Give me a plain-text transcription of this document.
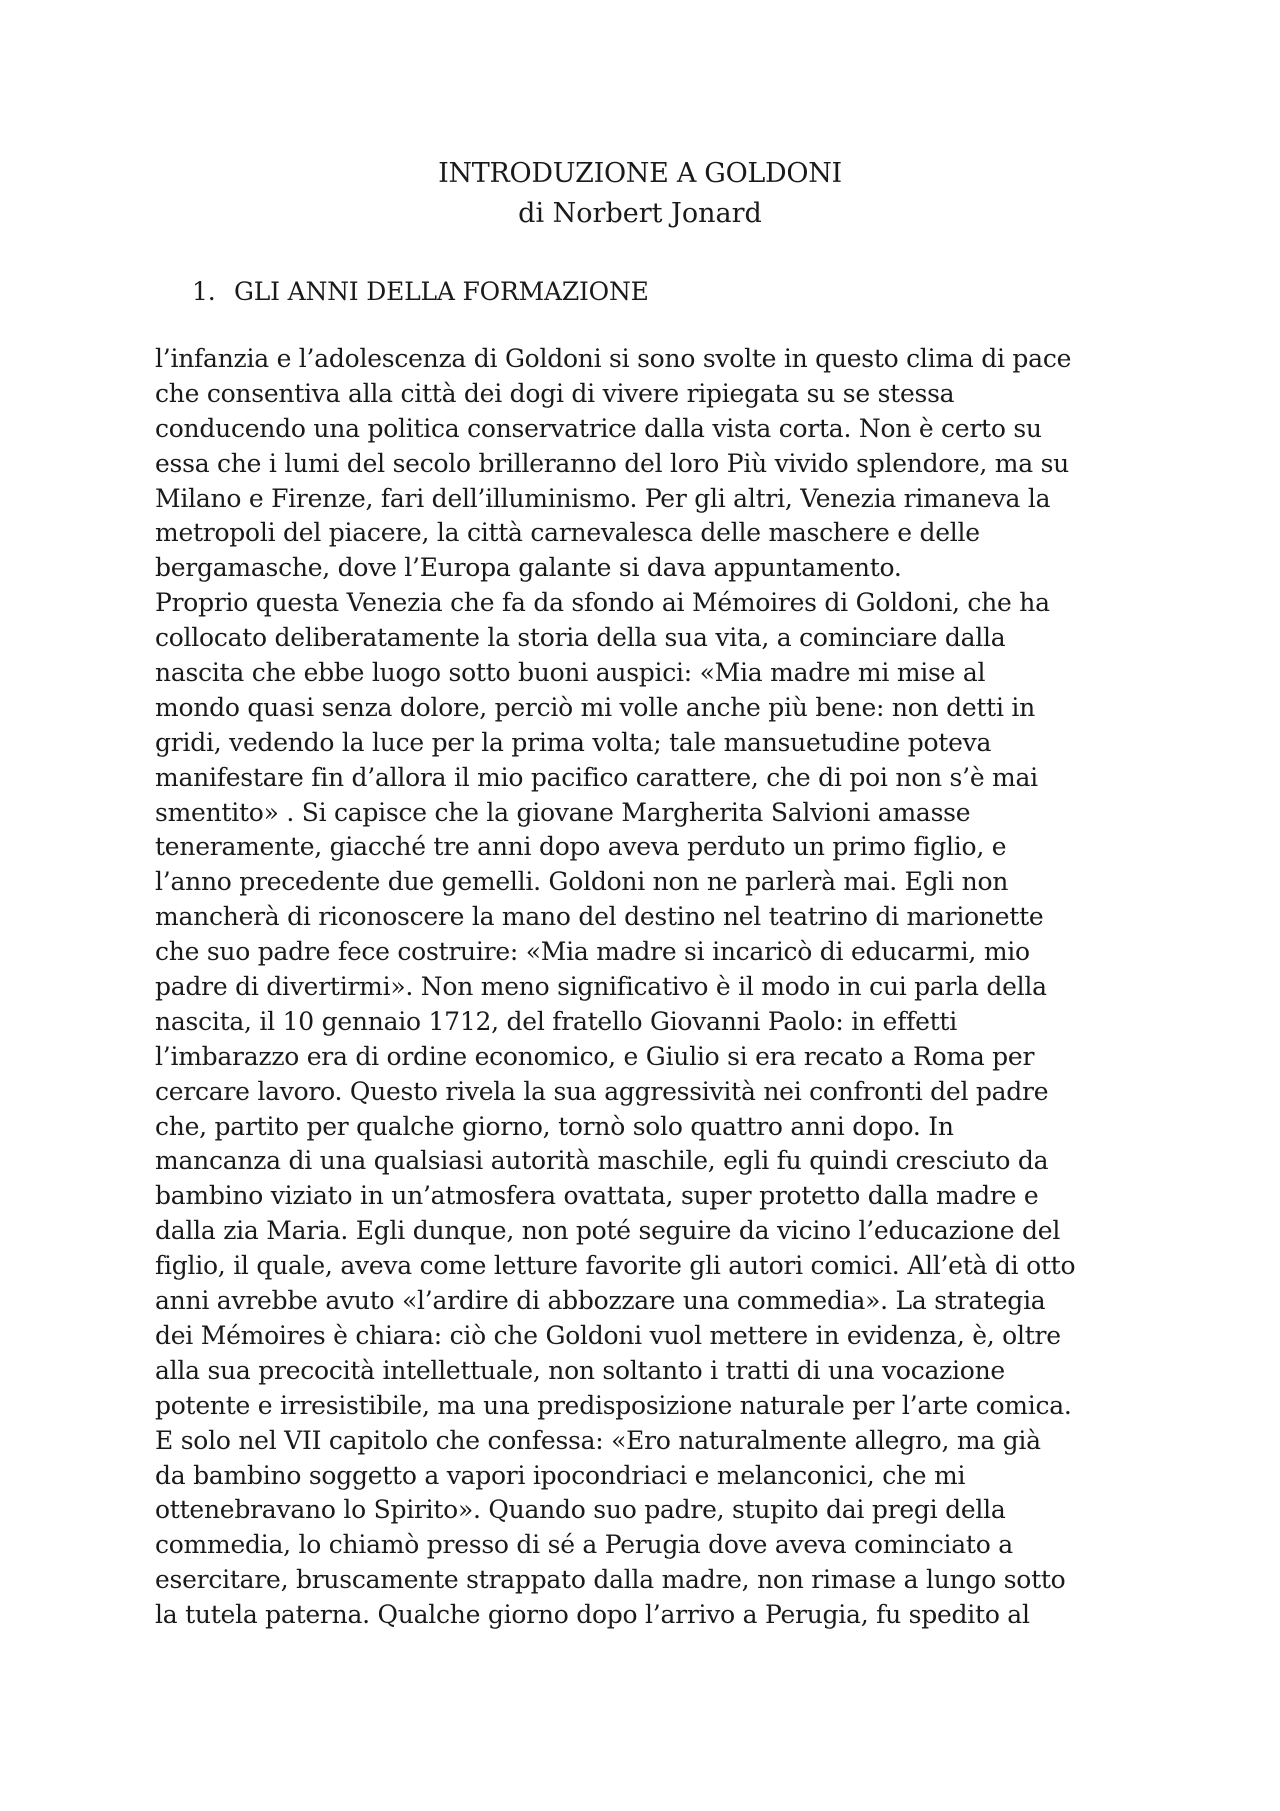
INTRODUZIONE A GOLDONI
di Norbert Jonard
1. GLI ANNI DELLA FORMAZIONE
l’infanzia e l’adolescenza di Goldoni si sono svolte in questo clima di pace
che consentiva alla città dei dogi di vivere ripiegata su se stessa
conducendo una politica conservatrice dalla vista corta. Non è certo su
essa che i lumi del secolo brilleranno del loro Più vivido splendore, ma su
Milano e Firenze, fari dell’illuminismo. Per gli altri, Venezia rimaneva la
metropoli del piacere, la città carnevalesca delle maschere e delle
bergamasche, dove l’Europa galante si dava appuntamento.
Proprio questa Venezia che fa da sfondo ai Mémoires di Goldoni, che ha
collocato deliberatamente la storia della sua vita, a cominciare dalla
nascita che ebbe luogo sotto buoni auspici: «Mia madre mi mise al
mondo quasi senza dolore, perciò mi volle anche più bene: non detti in
gridi, vedendo la luce per la prima volta; tale mansuetudine poteva
manifestare fin d’allora il mio pacifico carattere, che di poi non s’è mai
smentito» . Si capisce che la giovane Margherita Salvioni amasse
teneramente, giacché tre anni dopo aveva perduto un primo figlio, e
l’anno precedente due gemelli. Goldoni non ne parlerà mai. Egli non
mancherà di riconoscere la mano del destino nel teatrino di marionette
che suo padre fece costruire: «Mia madre si incaricò di educarmi, mio
padre di divertirmi». Non meno significativo è il modo in cui parla della
nascita, il 10 gennaio 1712, del fratello Giovanni Paolo: in effetti
l’imbarazzo era di ordine economico, e Giulio si era recato a Roma per
cercare lavoro. Questo rivela la sua aggressività nei confronti del padre
che, partito per qualche giorno, tornò solo quattro anni dopo. In
mancanza di una qualsiasi autorità maschile, egli fu quindi cresciuto da
bambino viziato in un’atmosfera ovattata, super protetto dalla madre e
dalla zia Maria. Egli dunque, non poté seguire da vicino l’educazione del
figlio, il quale, aveva come letture favorite gli autori comici. All’età di otto
anni avrebbe avuto «l’ardire di abbozzare una commedia». La strategia
dei Mémoires è chiara: ciò che Goldoni vuol mettere in evidenza, è, oltre
alla sua precocità intellettuale, non soltanto i tratti di una vocazione
potente e irresistibile, ma una predisposizione naturale per l’arte comica.
E solo nel VII capitolo che confessa: «Ero naturalmente allegro, ma già
da bambino soggetto a vapori ipocondriaci e melanconici, che mi
ottenebravano lo Spirito». Quando suo padre, stupito dai pregi della
commedia, lo chiamò presso di sé a Perugia dove aveva cominciato a
esercitare, bruscamente strappato dalla madre, non rimase a lungo sotto
la tutela paterna. Qualche giorno dopo l’arrivo a Perugia, fu spedito al
